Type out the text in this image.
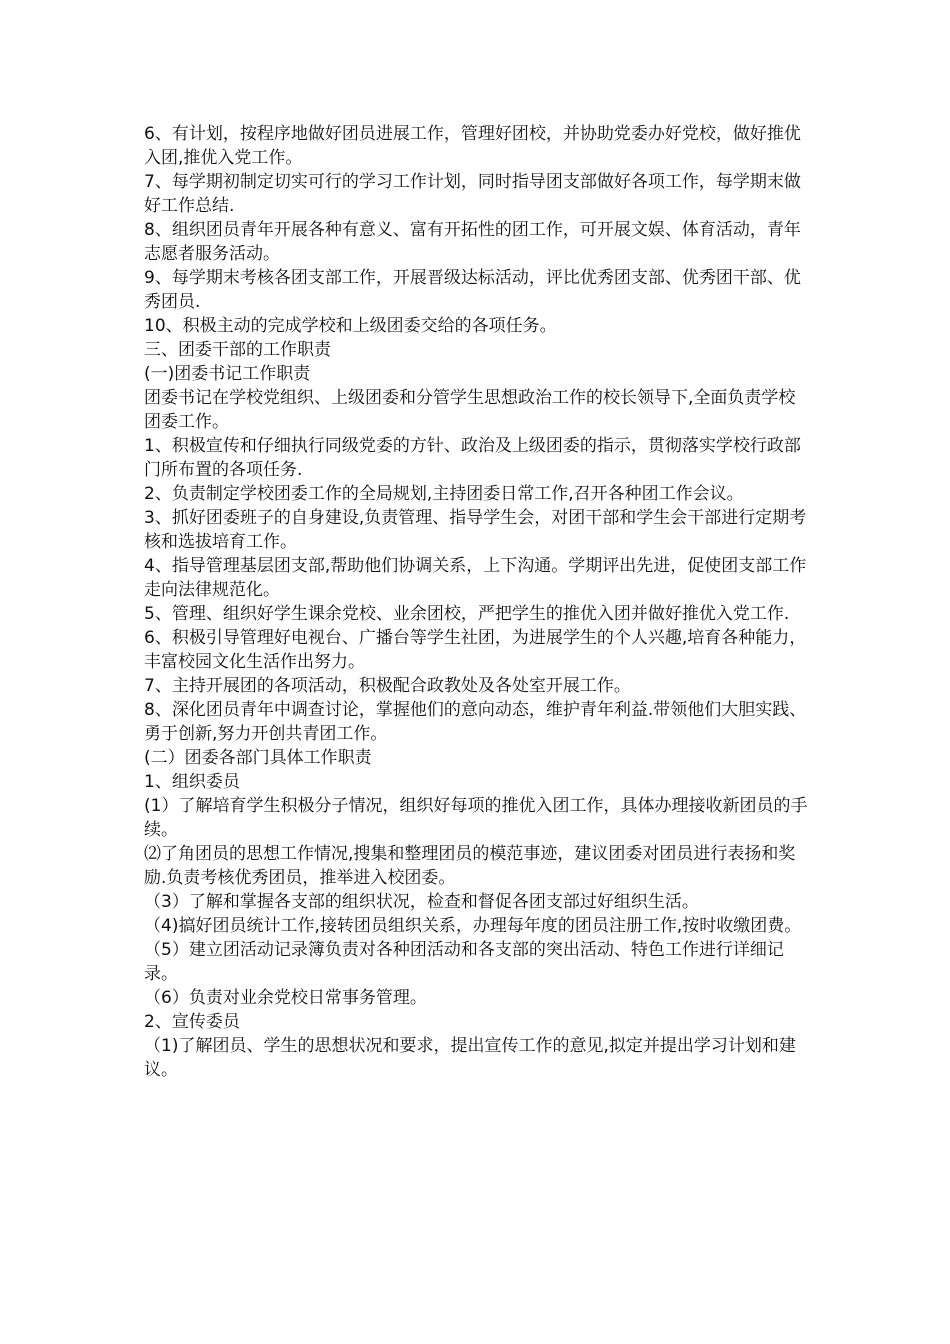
6、有计划，按程序地做好团员进展工作，管理好团校，并协助党委办好党校，做好推优入团,推优入党工作。

7、每学期初制定切实可行的学习工作计划，同时指导团支部做好各项工作，每学期末做好工作总结.

8、组织团员青年开展各种有意义、富有开拓性的团工作，可开展文娱、体育活动，青年志愿者服务活动。

9、每学期末考核各团支部工作，开展晋级达标活动，评比优秀团支部、优秀团干部、优秀团员.

10、积极主动的完成学校和上级团委交给的各项任务。

三、团委干部的工作职责

(一)团委书记工作职责

团委书记在学校党组织、上级团委和分管学生思想政治工作的校长领导下,全面负责学校团委工作。

1、积极宣传和仔细执行同级党委的方针、政治及上级团委的指示，贯彻落实学校行政部门所布置的各项任务.

2、负责制定学校团委工作的全局规划,主持团委日常工作,召开各种团工作会议。

3、抓好团委班子的自身建设,负责管理、指导学生会，对团干部和学生会干部进行定期考核和选拔培育工作。

4、指导管理基层团支部,帮助他们协调关系，上下沟通。学期评出先进，促使团支部工作走向法律规范化。

5、管理、组织好学生课余党校、业余团校，严把学生的推优入团并做好推优入党工作.

6、积极引导管理好电视台、广播台等学生社团，为进展学生的个人兴趣,培育各种能力，丰富校园文化生活作出努力。

7、主持开展团的各项活动，积极配合政教处及各处室开展工作。

8、深化团员青年中调查讨论，掌握他们的意向动态，维护青年利益.带领他们大胆实践、勇于创新,努力开创共青团工作。

(二）团委各部门具体工作职责

1、组织委员

(1）了解培育学生积极分子情况，组织好每项的推优入团工作，具体办理接收新团员的手续。

⑵了角团员的思想工作情况,搜集和整理团员的模范事迹，建议团委对团员进行表扬和奖励.负责考核优秀团员，推举进入校团委。

（3）了解和掌握各支部的组织状况，检查和督促各团支部过好组织生活。

（4)搞好团员统计工作,接转团员组织关系，办理每年度的团员注册工作,按时收缴团费。

（5）建立团活动记录簿负责对各种团活动和各支部的突出活动、特色工作进行详细记录。

（6）负责对业余党校日常事务管理。

2、宣传委员

（1)了解团员、学生的思想状况和要求，提出宣传工作的意见,拟定并提出学习计划和建议。
